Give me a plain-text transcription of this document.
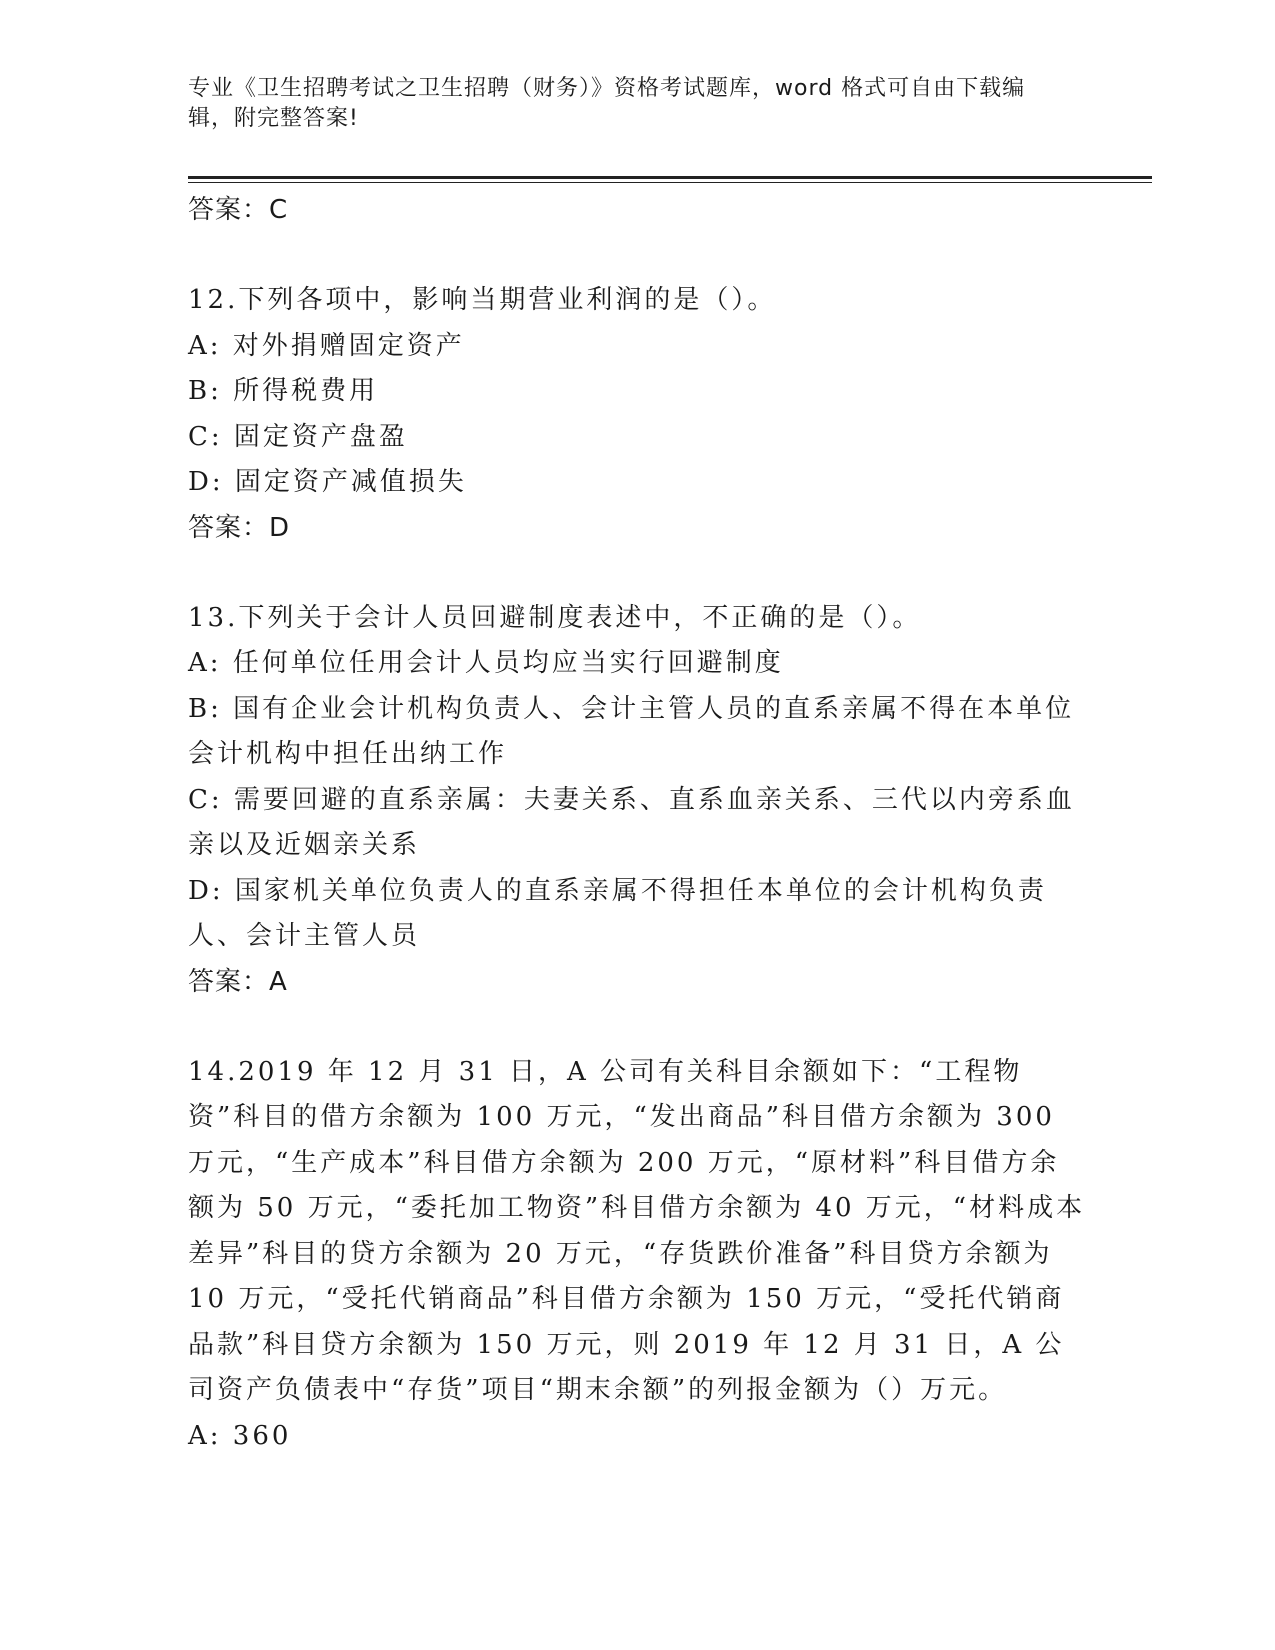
专业《卫生招聘考试之卫生招聘（财务）》资格考试题库，word 格式可自由下载编辑，附完整答案!

答案：C

12.下列各项中，影响当期营业利润的是（）。

A: 对外捐赠固定资产

B: 所得税费用

C: 固定资产盘盈

D: 固定资产减值损失

答案：D

13.下列关于会计人员回避制度表述中，不正确的是（）。

A: 任何单位任用会计人员均应当实行回避制度

B: 国有企业会计机构负责人、会计主管人员的直系亲属不得在本单位会计机构中担任出纳工作

C: 需要回避的直系亲属：夫妻关系、直系血亲关系、三代以内旁系血亲以及近姻亲关系

D: 国家机关单位负责人的直系亲属不得担任本单位的会计机构负责人、会计主管人员

答案：A

14.2019 年 12 月 31 日，A 公司有关科目余额如下：“工程物资”科目的借方余额为 100 万元，“发出商品”科目借方余额为 300 万元，“生产成本”科目借方余额为 200 万元，“原材料”科目借方余额为 50 万元，“委托加工物资”科目借方余额为 40 万元，“材料成本差异”科目的贷方余额为 20 万元，“存货跌价准备”科目贷方余额为 10 万元，“受托代销商品”科目借方余额为 150 万元，“受托代销商品款”科目贷方余额为 150 万元，则 2019 年 12 月 31 日，A 公司资产负债表中“存货”项目“期末余额”的列报金额为（）万元。

A: 360
